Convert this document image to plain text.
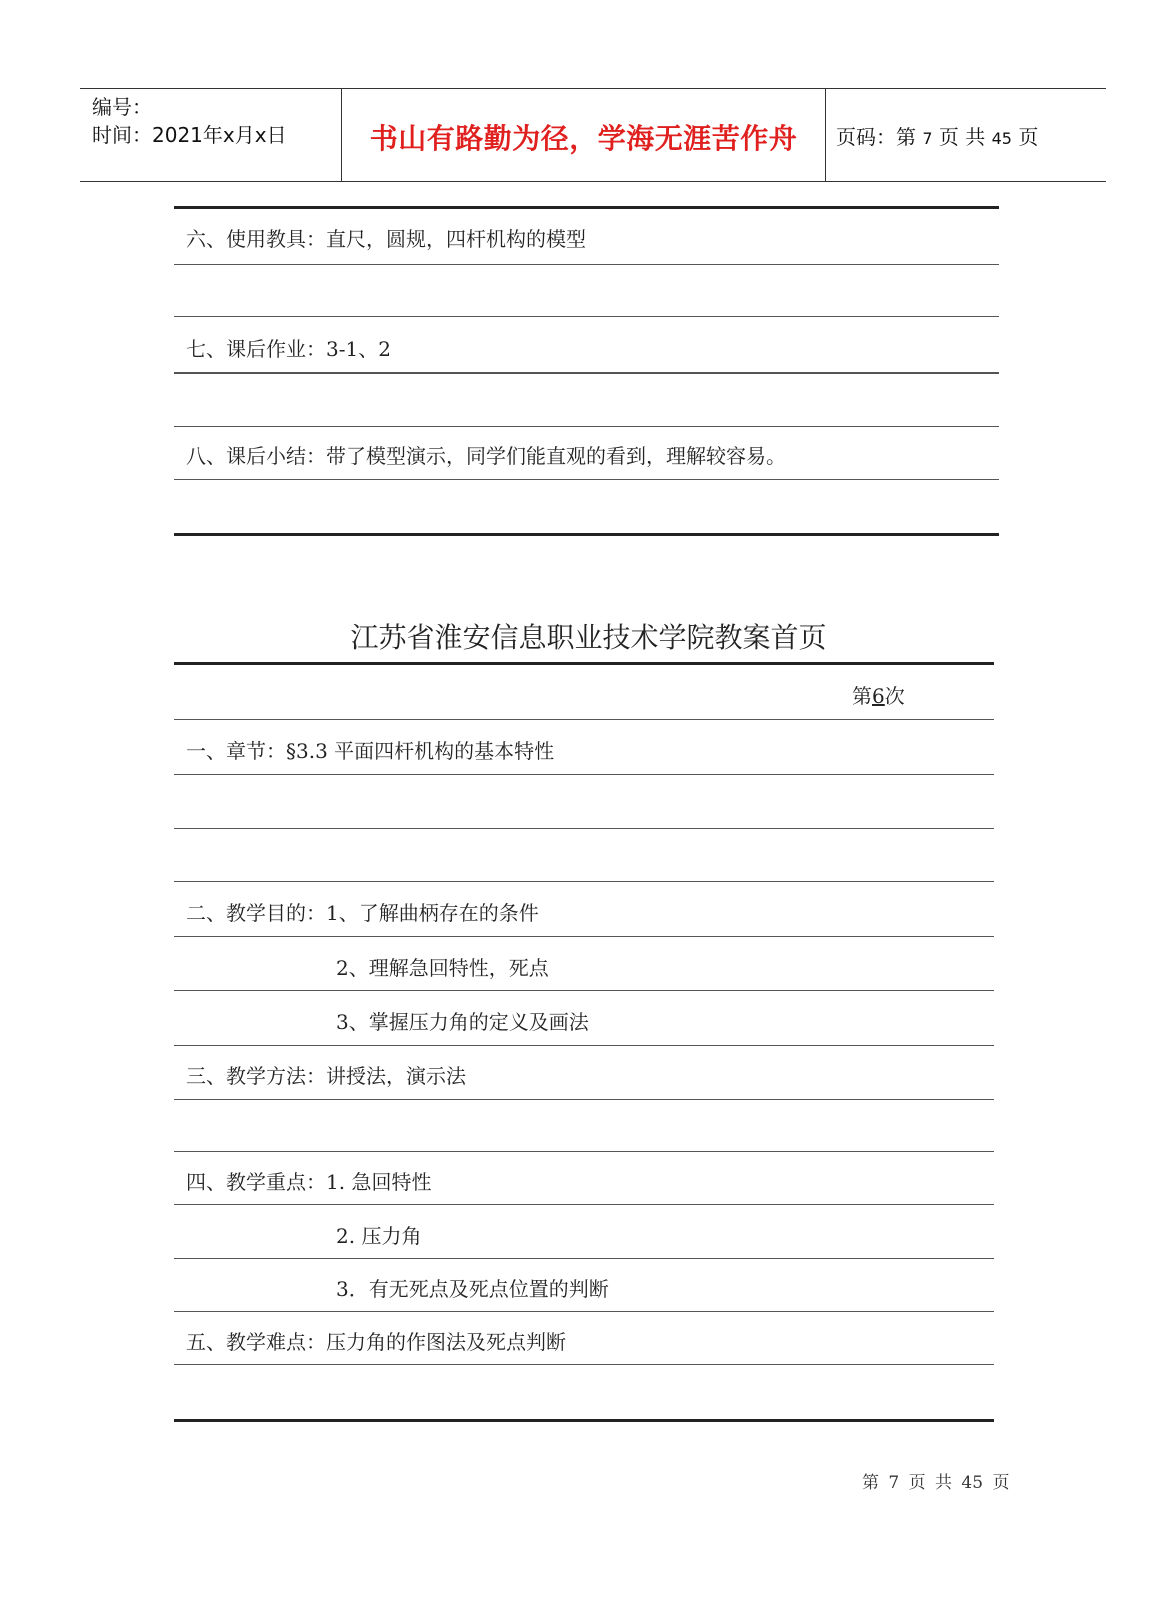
编号：
时间：2021年x月x日	书山有路勤为径，学海无涯苦作舟	页码：第 7 页 共 45 页
六、使用教具：直尺，圆规，四杆机构的模型
七、课后作业：3-1、2
八、课后小结：带了模型演示，同学们能直观的看到，理解较容易。
江苏省淮安信息职业技术学院教案首页
第6次
一、章节：§3.3 平面四杆机构的基本特性
二、教学目的：1、了解曲柄存在的条件
2、理解急回特性，死点
3、掌握压力角的定义及画法
三、教学方法：讲授法，演示法
四、教学重点：1. 急回特性
2. 压力角
3．有无死点及死点位置的判断
五、教学难点：压力角的作图法及死点判断
第 7 页 共 45 页
